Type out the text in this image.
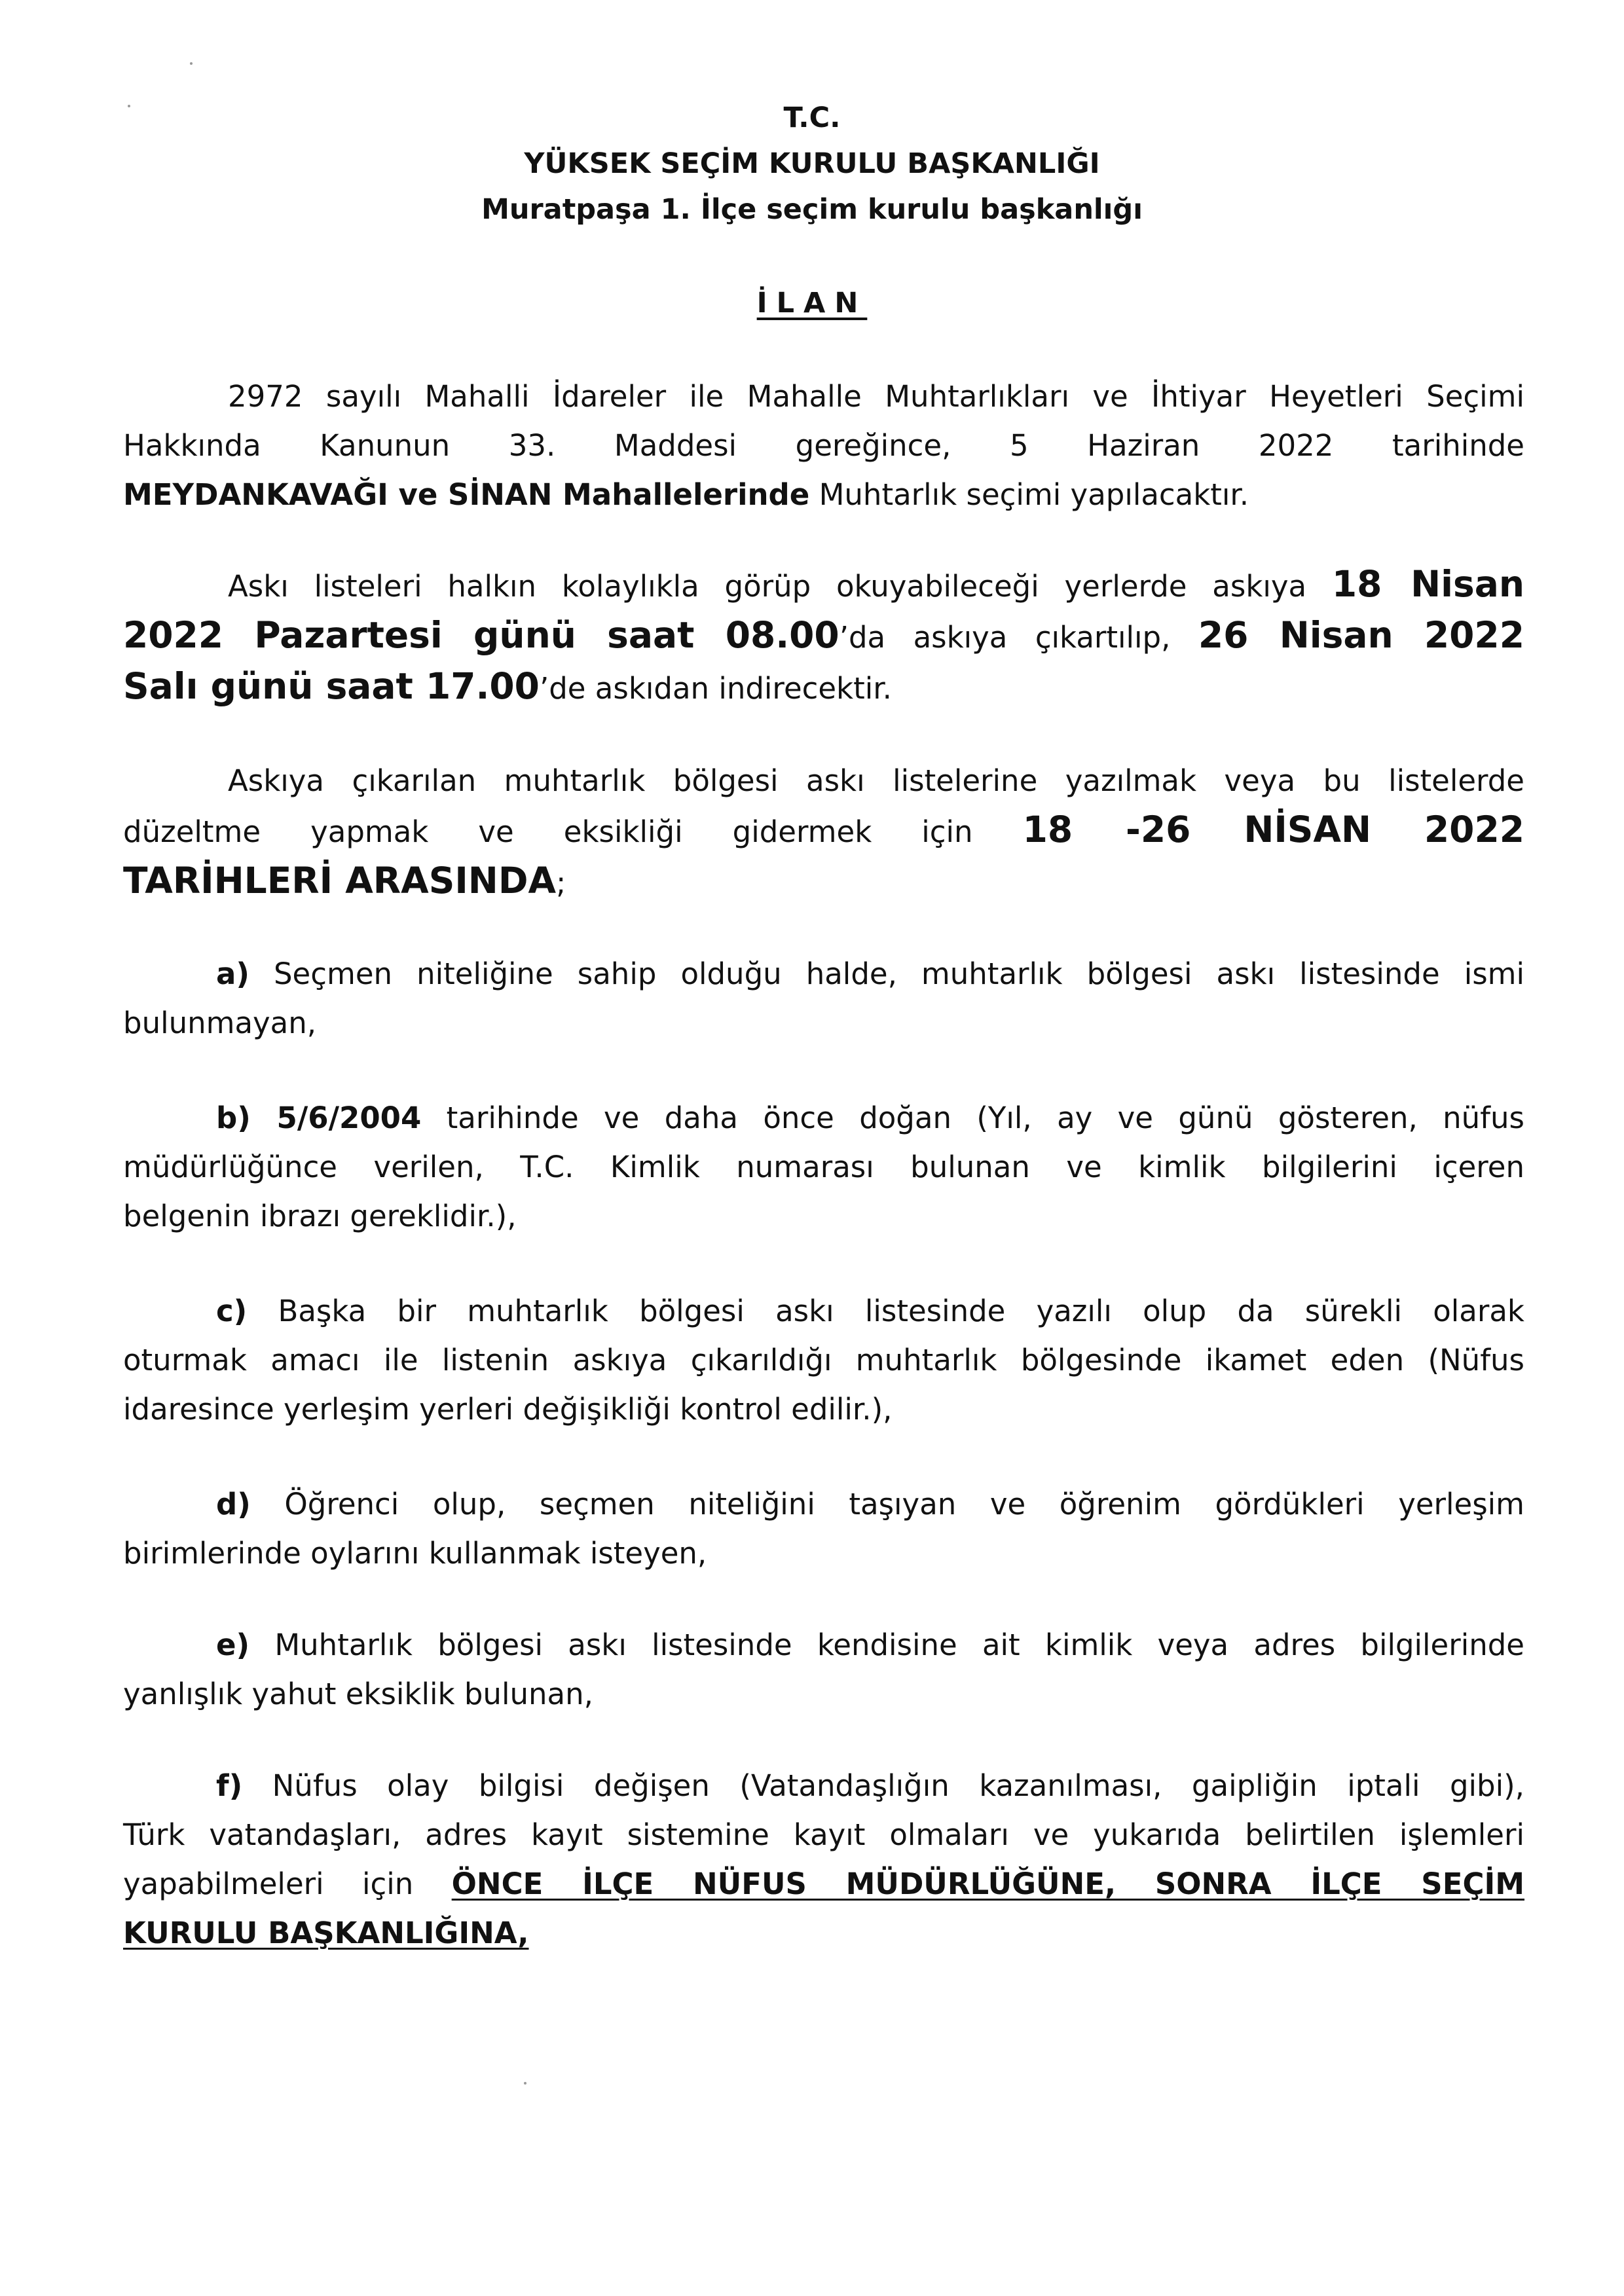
T.C.
YÜKSEK SEÇİM KURULU BAŞKANLIĞI
Muratpaşa 1. İlçe seçim kurulu başkanlığı
İLAN
2972 sayılı Mahalli İdareler ile Mahalle Muhtarlıkları ve İhtiyar Heyetleri Seçimi
Hakkında Kanunun 33. Maddesi gereğince, 5 Haziran 2022 tarihinde
MEYDANKAVAĞI ve SİNAN Mahallelerinde Muhtarlık seçimi yapılacaktır.
Askı listeleri halkın kolaylıkla görüp okuyabileceği yerlerde askıya 18 Nisan
2022 Pazartesi günü saat 08.00’da askıya çıkartılıp, 26 Nisan 2022
Salı günü saat 17.00’de askıdan indirecektir.
Askıya çıkarılan muhtarlık bölgesi askı listelerine yazılmak veya bu listelerde
düzeltme yapmak ve eksikliği gidermek için 18 -26 NİSAN 2022
TARİHLERİ ARASINDA;
a) Seçmen niteliğine sahip olduğu halde, muhtarlık bölgesi askı listesinde ismi
bulunmayan,
b) 5/6/2004 tarihinde ve daha önce doğan (Yıl, ay ve günü gösteren, nüfus
müdürlüğünce verilen, T.C. Kimlik numarası bulunan ve kimlik bilgilerini içeren
belgenin ibrazı gereklidir.),
c) Başka bir muhtarlık bölgesi askı listesinde yazılı olup da sürekli olarak
oturmak amacı ile listenin askıya çıkarıldığı muhtarlık bölgesinde ikamet eden (Nüfus
idaresince yerleşim yerleri değişikliği kontrol edilir.),
d) Öğrenci olup, seçmen niteliğini taşıyan ve öğrenim gördükleri yerleşim
birimlerinde oylarını kullanmak isteyen,
e) Muhtarlık bölgesi askı listesinde kendisine ait kimlik veya adres bilgilerinde
yanlışlık yahut eksiklik bulunan,
f) Nüfus olay bilgisi değişen (Vatandaşlığın kazanılması, gaipliğin iptali gibi),
Türk vatandaşları, adres kayıt sistemine kayıt olmaları ve yukarıda belirtilen işlemleri
yapabilmeleri için ÖNCE İLÇE NÜFUS MÜDÜRLÜĞÜNE, SONRA İLÇE SEÇİM
KURULU BAŞKANLIĞINA,
